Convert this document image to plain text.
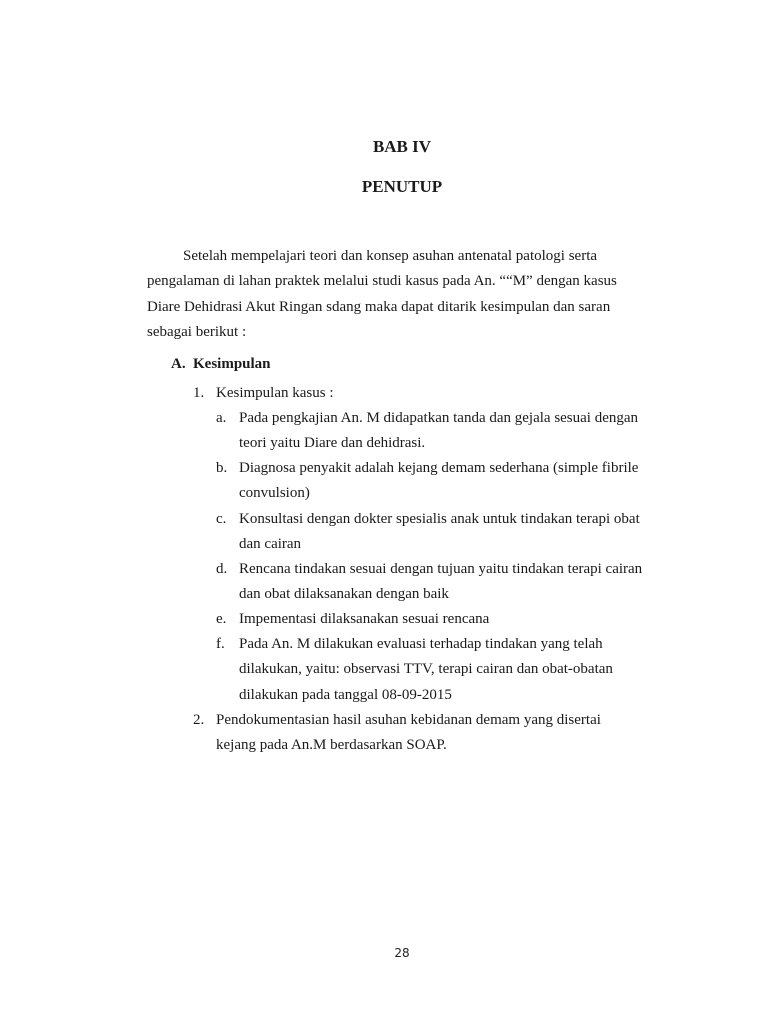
BAB IV
PENUTUP

Setelah mempelajari teori dan konsep asuhan antenatal patologi serta
pengalaman di lahan praktek melalui studi kasus pada An. ““M” dengan kasus
Diare Dehidrasi Akut Ringan sdang maka dapat ditarik kesimpulan dan saran
sebagai berikut :

A. Kesimpulan
1. Kesimpulan kasus :
a. Pada pengkajian An. M didapatkan tanda dan gejala sesuai dengan
teori yaitu Diare dan dehidrasi.
b. Diagnosa penyakit adalah kejang demam sederhana (simple fibrile
convulsion)
c. Konsultasi dengan dokter spesialis anak untuk tindakan terapi obat
dan cairan
d. Rencana tindakan sesuai dengan tujuan yaitu tindakan terapi cairan
dan obat dilaksanakan dengan baik
e. Impementasi dilaksanakan sesuai rencana
f. Pada An. M dilakukan evaluasi terhadap tindakan yang telah
dilakukan, yaitu: observasi TTV, terapi cairan dan obat-obatan
dilakukan pada tanggal 08-09-2015
2. Pendokumentasian hasil asuhan kebidanan demam yang disertai
kejang pada An.M berdasarkan SOAP.
28
